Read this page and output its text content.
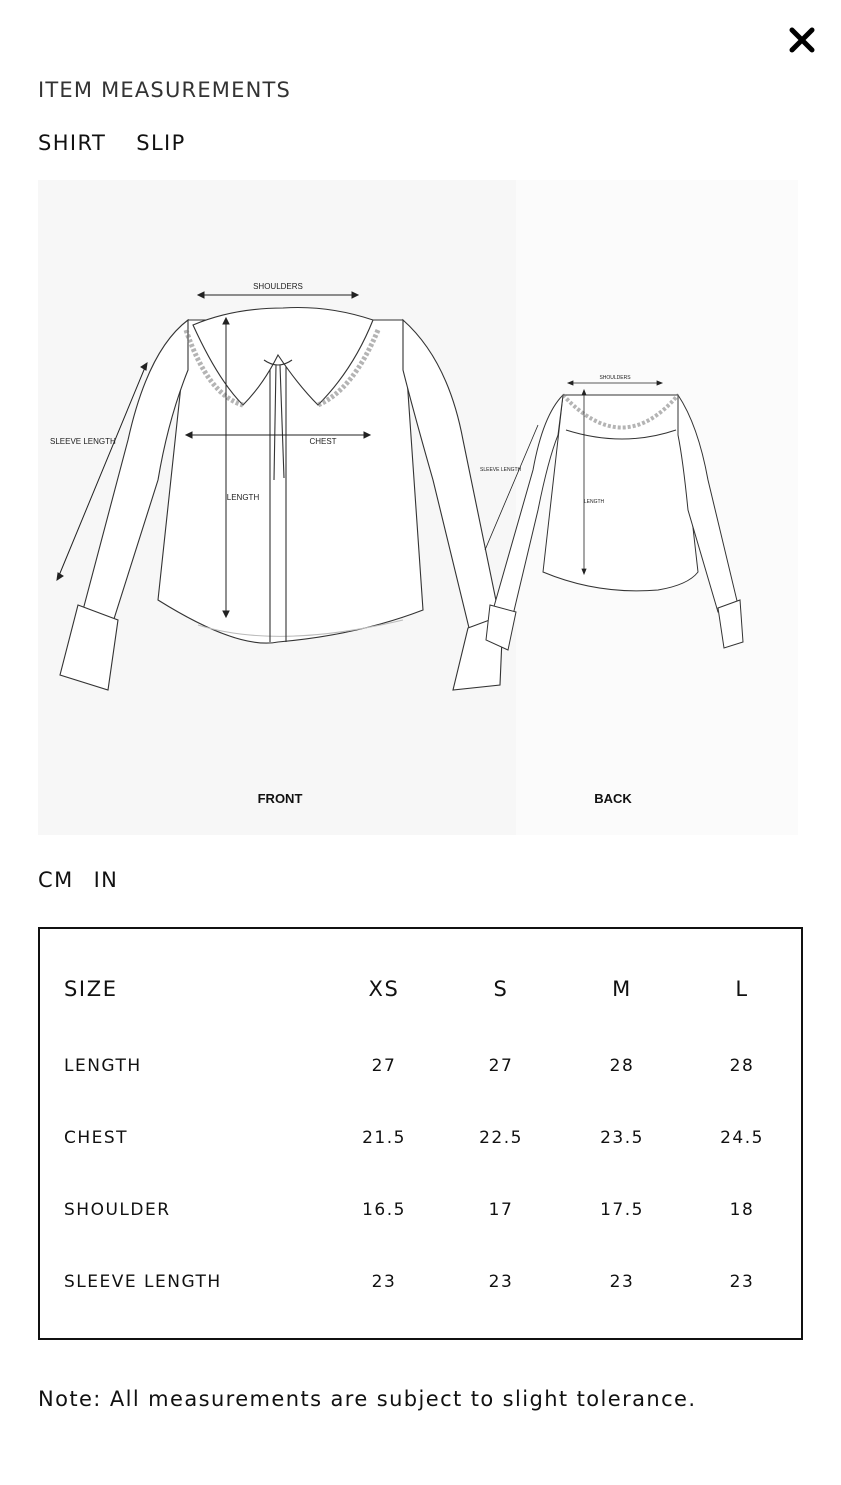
ITEM MEASUREMENTS
SHIRT SLIP
SHOULDERS
CHEST
LENGTH
SLEEVE LENGTH
SHOULDERS
LENGTH
SLEEVE LENGTH
FRONT	BACK
CM IN
SIZE	XS	S	M	L
LENGTH	27	27	28	28
CHEST	21.5	22.5	23.5	24.5
SHOULDER	16.5	17	17.5	18
SLEEVE LENGTH	23	23	23	23
Note: All measurements are subject to slight tolerance.
